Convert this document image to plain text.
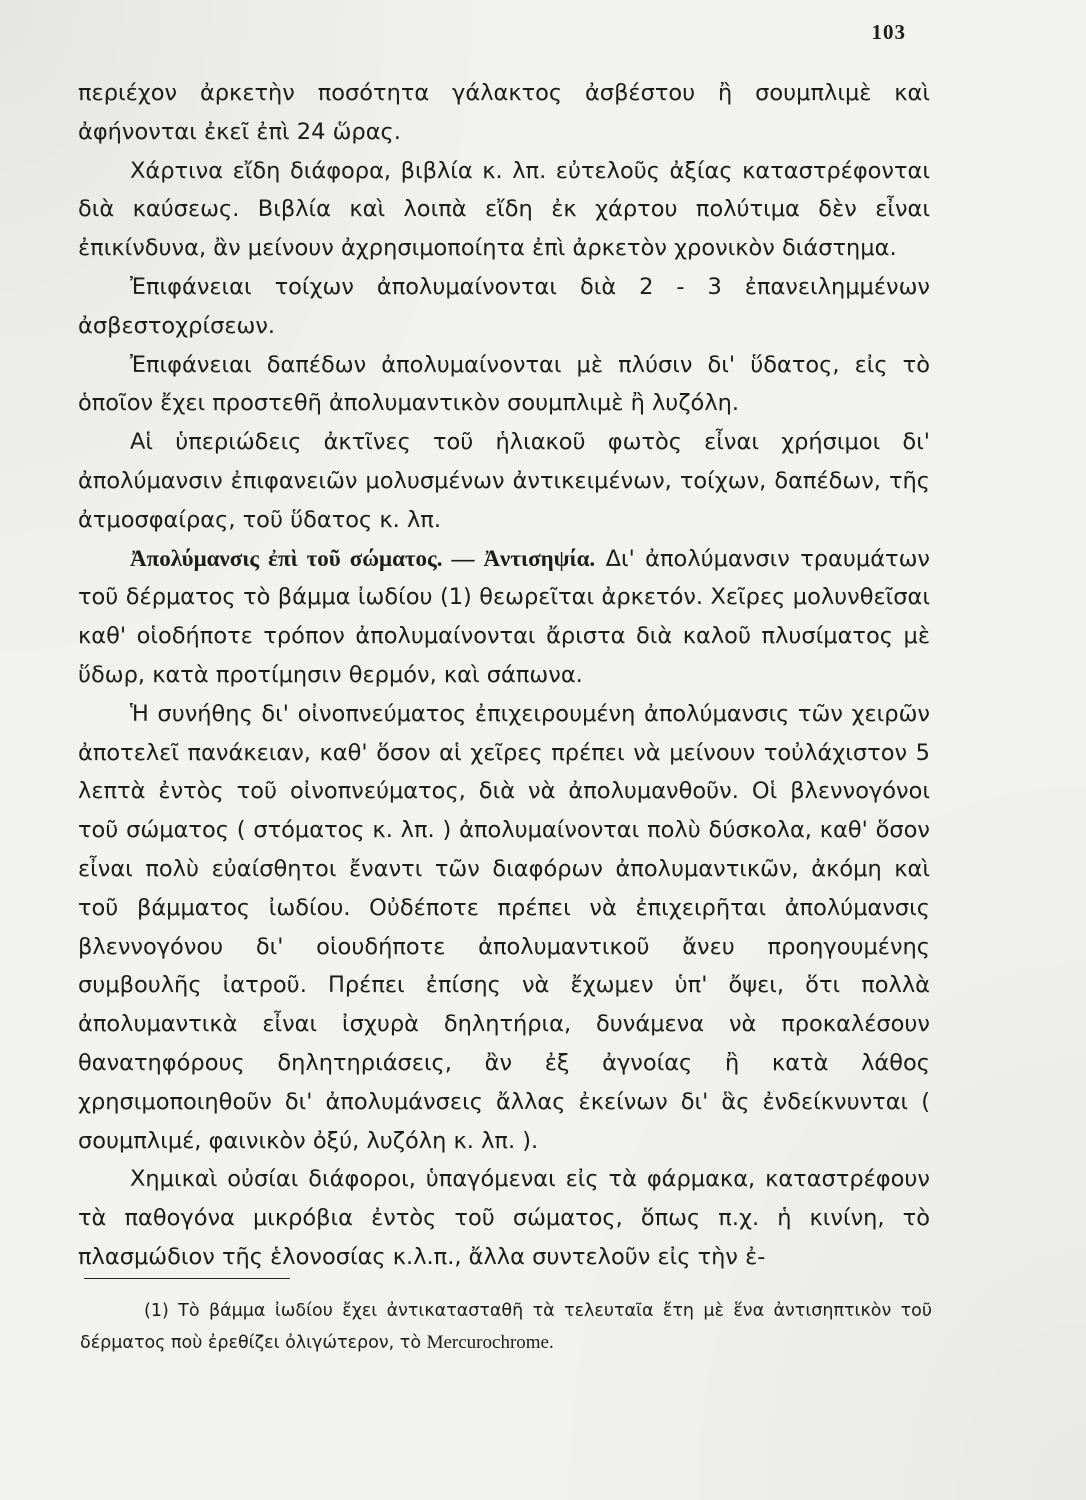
103

περιέχον ἀρκετὴν ποσότητα γάλακτος ἀσβέστου ἢ σουμπλιμὲ καὶ ἀφήνονται ἐκεῖ ἐπὶ 24 ὥρας.

Χάρτινα εἴδη διάφορα, βιβλία κ. λπ. εὐτελοῦς ἀξίας καταστρέφονται διὰ καύσεως. Βιβλία καὶ λοιπὰ εἴδη ἐκ χάρτου πολύτιμα δὲν εἶναι ἐπικίνδυνα, ἂν μείνουν ἀχρησιμοποίητα ἐπὶ ἀρκετὸν χρονικὸν διάστημα.

Ἐπιφάνειαι τοίχων ἀπολυμαίνονται διὰ 2 - 3 ἐπανειλημμένων ἀσβεστοχρίσεων.

Ἐπιφάνειαι δαπέδων ἀπολυμαίνονται μὲ πλύσιν δι' ὕδατος, εἰς τὸ ὁποῖον ἔχει προστεθῆ ἀπολυμαντικὸν σουμπλιμὲ ἢ λυζόλη.

Αἱ ὑπεριώδεις ἀκτῖνες τοῦ ἡλιακοῦ φωτὸς εἶναι χρήσιμοι δι' ἀπολύμανσιν ἐπιφανειῶν μολυσμένων ἀντικειμένων, τοίχων, δαπέδων, τῆς ἀτμοσφαίρας, τοῦ ὕδατος κ. λπ.

Ἀπολύμανσις ἐπὶ τοῦ σώματος. — Ἀντισηψία. Δι' ἀπολύμανσιν τραυμάτων τοῦ δέρματος τὸ βάμμα ἰωδίου (1) θεωρεῖται ἀρκετόν. Χεῖρες μολυνθεῖσαι καθ' οἱοδήποτε τρόπον ἀπολυμαίνονται ἄριστα διὰ καλοῦ πλυσίματος μὲ ὕδωρ, κατὰ προτίμησιν θερμόν, καὶ σάπωνα.

Ἡ συνήθης δι' οἰνοπνεύματος ἐπιχειρουμένη ἀπολύμανσις τῶν χειρῶν ἀποτελεῖ πανάκειαν, καθ' ὅσον αἱ χεῖρες πρέπει νὰ μείνουν τοὐλάχιστον 5 λεπτὰ ἐντὸς τοῦ οἰνοπνεύματος, διὰ νὰ ἀπολυμανθοῦν. Οἱ βλεννογόνοι τοῦ σώματος ( στόματος κ. λπ. ) ἀπολυμαίνονται πολὺ δύσκολα, καθ' ὅσον εἶναι πολὺ εὐαίσθητοι ἔναντι τῶν διαφόρων ἀπολυμαντικῶν, ἀκόμη καὶ τοῦ βάμματος ἰωδίου. Οὐδέποτε πρέπει νὰ ἐπιχειρῆται ἀπολύμανσις βλεννογόνου δι' οἱουδήποτε ἀπολυμαντικοῦ ἄνευ προηγουμένης συμβουλῆς ἰατροῦ. Πρέπει ἐπίσης νὰ ἔχωμεν ὑπ' ὄψει, ὅτι πολλὰ ἀπολυμαντικὰ εἶναι ἰσχυρὰ δηλητήρια, δυνάμενα νὰ προκαλέσουν θανατηφόρους δηλητηριάσεις, ἂν ἐξ ἀγνοίας ἢ κατὰ λάθος χρησιμοποιηθοῦν δι' ἀπολυμάνσεις ἄλλας ἐκείνων δι' ἃς ἐνδείκνυνται ( σουμπλιμέ, φαινικὸν ὀξύ, λυζόλη κ. λπ. ).

Χημικαὶ οὐσίαι διάφοροι, ὑπαγόμεναι εἰς τὰ φάρμακα, καταστρέφουν τὰ παθογόνα μικρόβια ἐντὸς τοῦ σώματος, ὅπως π.χ. ἡ κινίνη, τὸ πλασμώδιον τῆς ἑλονοσίας κ.λ.π., ἄλλα συντελοῦν εἰς τὴν ἐ-

(1) Τὸ βάμμα ἰωδίου ἔχει ἀντικατασταθῆ τὰ τελευταῖα ἔτη μὲ ἕνα ἀντισηπτικὸν τοῦ δέρματος ποὺ ἐρεθίζει ὀλιγώτερον, τὸ Mercurochrome.
